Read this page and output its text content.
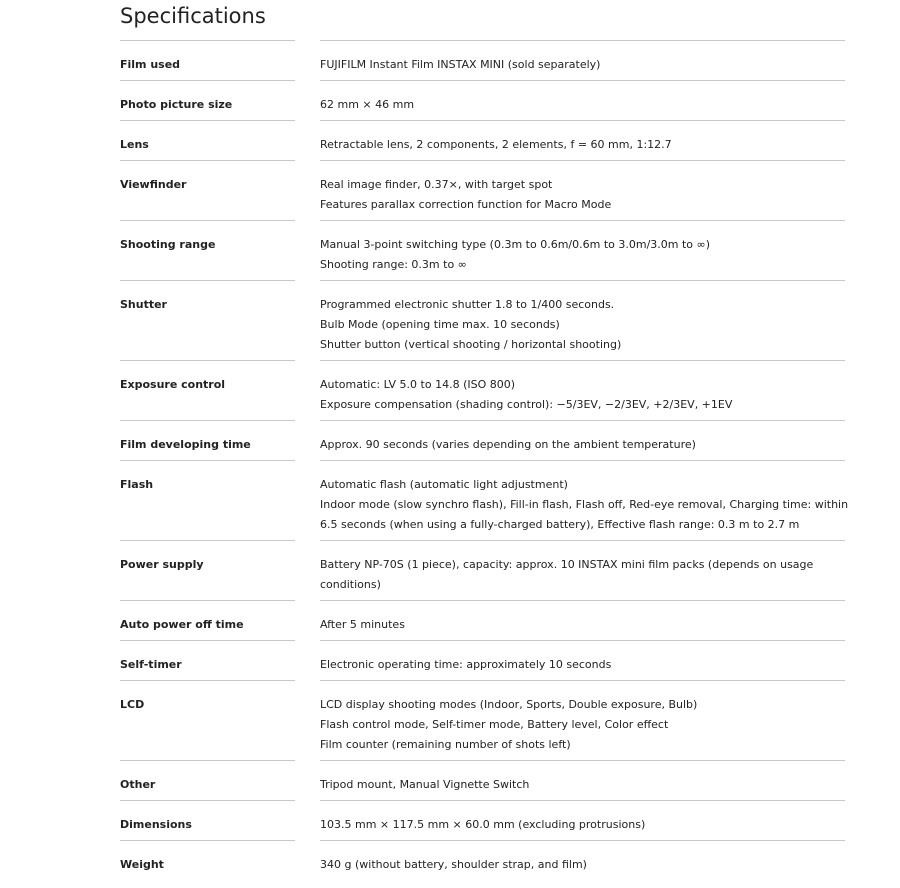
Specifications
Film used	FUJIFILM Instant Film INSTAX MINI (sold separately)
Photo picture size	62 mm × 46 mm
Lens	Retractable lens, 2 components, 2 elements, f = 60 mm, 1:12.7
Viewfinder	Real image finder, 0.37×, with target spot
Features parallax correction function for Macro Mode
Shooting range	Manual 3-point switching type (0.3m to 0.6m/0.6m to 3.0m/3.0m to ∞)
Shooting range: 0.3m to ∞
Shutter	Programmed electronic shutter 1.8 to 1/400 seconds.
Bulb Mode (opening time max. 10 seconds)
Shutter button (vertical shooting / horizontal shooting)
Exposure control	Automatic: LV 5.0 to 14.8 (ISO 800)
Exposure compensation (shading control): −5/3EV, −2/3EV, +2/3EV, +1EV
Film developing time	Approx. 90 seconds (varies depending on the ambient temperature)
Flash	Automatic flash (automatic light adjustment)
Indoor mode (slow synchro flash), Fill-in flash, Flash off, Red-eye removal, Charging time: within
6.5 seconds (when using a fully-charged battery), Effective flash range: 0.3 m to 2.7 m
Power supply	Battery NP-70S (1 piece), capacity: approx. 10 INSTAX mini film packs (depends on usage
conditions)
Auto power off time	After 5 minutes
Self-timer	Electronic operating time: approximately 10 seconds
LCD	LCD display shooting modes (Indoor, Sports, Double exposure, Bulb)
Flash control mode, Self-timer mode, Battery level, Color effect
Film counter (remaining number of shots left)
Other	Tripod mount, Manual Vignette Switch
Dimensions	103.5 mm × 117.5 mm × 60.0 mm (excluding protrusions)
Weight	340 g (without battery, shoulder strap, and film)
